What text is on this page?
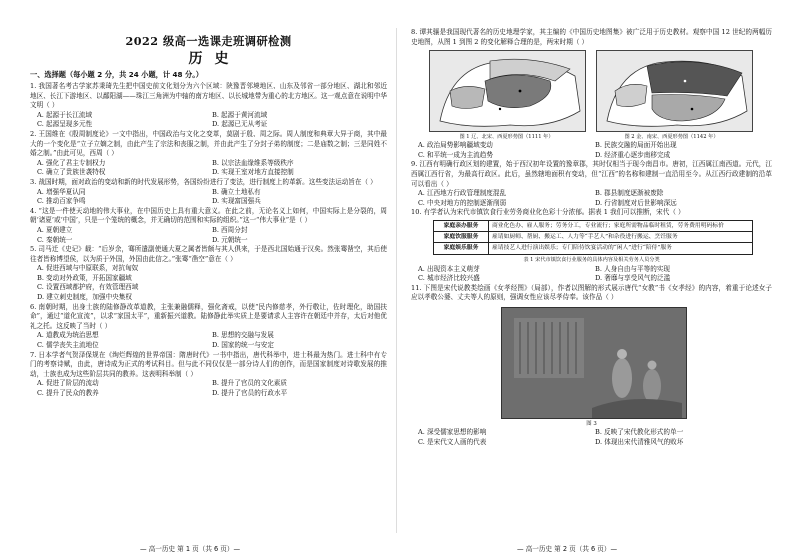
2022 级高一选课走班调研检测
历史
一、选择题（每小题 2 分，共 24 小题，计 48 分。）

1. 我国著名考古学家苏秉琦先生把中国史前文化划分为六个区域：陕豫晋邻境地区、山东及邻省一部分地区、湖北和邻近地区、长江下游地区、以鄱阳湖——珠江三角洲为中轴的南方地区、以长城地带为重心的北方地区。这一观点意在说明中华文明（ ）

A. 起源于长江流域	B. 起源于黄河流域
C. 起源呈现多元性	D. 起源已无从考证

2. 王国维在《殷周制度论》一文中指出，中国政治与文化之变革，莫剧于殷、周之际。周人制度和典章大异于商，其中最大的一个变化是“立子立嫡之制，由此产生了宗法和丧服之制，并由此产生了分封子弟的制度；二是庙数之制；三是同姓不婚之制。”由此可见，西周（ ）

A. 强化了君主专制权力	B. 以宗法血缘维系等级秩序
C. 确立了贵族世袭特权	D. 实现王室对地方直接控制

3. 战国时期，面对政治的变动和新的时代发展形势，各国纷纷进行了变法，进行制度上的革新。这些变法运动旨在（ ）

A. 增强华夏认同	B. 确立土地私有
C. 推动百家争鸣	D. 实现富国强兵

4. “这是一件使天动地的伟大事业，在中国历史上具有重大意义。在此之前，无论名义上如何，中国实际上是分裂的，周朝‘诸夏’或‘中国’，只是一个笼统的概念，并无确切的范围和实际的组织。”这一“伟大事业”是（ ）

A. 夏朝建立	B. 西周分封
C. 秦朝统一	D. 元朝统一

5. 司马迁《史记》载：“后岁余，骞所遣副使通大夏之属者皆颇与其人俱来，于是西北国始通于汉矣。然张骞凿空，其后使往者皆称博望侯，以为质于外国，外国由此信之。”张骞“凿空”意在（ ）

A. 促进西域与中原联系，对抗匈奴
B. 变动对外政策，开拓国家疆域
C. 设置西域都护府，有效管理西域
D. 建立刺史制度，加强中央集权

6. 南朝时期，出身士族的陆修静改革道教，主张兼融儒释，强化斋戒，以使“民内修慈孝，外行敬让，佐时理化，助国扶命”，通过“道化宣流”，以求“家国太平”，重新振兴道教。陆修静此举实质上是要请求人主容许在朝廷中并存，太后对他优礼之托。这反映了当时（ ）

A. 道教成为统治思想	B. 思想的交融与发展
C. 儒学丧失主流地位	D. 国家的统一与安定

7. 日本学者气贺泽保规在《绚烂辉煌的世界帝国：隋唐时代》一书中指出，唐代科举中，进士科最为热门。进士科中有专门的考察诗赋，由此，唐诗成为正式的考试科目。但与此不同仅仅是一部分诗人们的创作，而是国家制度对诗歌发展的推动，士族也成为这些阶层共同的教养。这表明科举制（ ）

A. 促进了阶层的流动	B. 提升了官员的文化素质
C. 提升了民众的教养	D. 提升了官员的行政水平
— 高一历史 第 1 页（共 6 页）—

8. 谭其骧是我国现代著名的历史地理学家，其主编的《中国历史地图集》被广泛用于历史教材。观察中国 12 世纪的两幅历史地图，从图 1 到图 2 的变化解释合理的是，两宋时期（ ）

图 1 辽、北宋、西夏形势图（1111 年）	图 2 金、南宋、西夏形势图（1142 年）
A. 政治局势影响疆域变动	B. 民族交融的局面开始出现
C. 和平统一成为主流趋势	D. 经济重心逐步南移完成

9. 江西有明确行政区划的建置，始于西汉初年设置的豫章郡，其时仅相当于现今南昌市。唐初，江西属江南西道。元代，江西属江西行省，为最高行政区。此后，虽然辖地面积有变动，但“江西”的名称和建制一直沿用至今。从江西行政建制的沿革可以看出（ ）

A. 江西地方行政管理制度混乱	B. 郡县制度逐渐被废除
C. 中央对地方的控制逐渐削弱	D. 行省制度对后世影响深远

10. 有学者认为宋代市镇饮食行业劳务商业化色彩十分浓郁。据表 1 我们可以推断，宋代（ ）

家庭亲办服务	商业化色办、雇人服务；劳务分工，专业流行；家庭所需物品临时租赁，劳务费用明码标价
家庭饮服服务	雇请如厨师、帮厨、搬运工、人力等“手艺人”和杂役进行搬运、烹饪服务
家庭娱乐服务	雇请技艺人进行演出娱乐；专门陪侍饮宴活动的“闲人”进行“陪侍”服务
表 1 宋代市镇饮食行业服务的具体内容及相关劳务人员分类
A. 出现资本主义萌芽	B. 人身自由与平等的实现
C. 城市经济比较兴盛	D. 奢靡与享受风气的泛滥

11. 下图是宋代说教类绘画《女孝经图》（局部），作者以图解的形式展示唐代“女教”书《女孝经》的内容，着重于论述女子应以孝敬公婆、丈夫等人的原则，强调女性应该尽孝侍奉。该作品（ ）

图 3
A. 深受儒家思想的影响	B. 反映了宋代教化形式的单一
C. 是宋代文人画的代表	D. 体现出宋代清雅风气的败坏
— 高一历史 第 2 页（共 6 页）—
